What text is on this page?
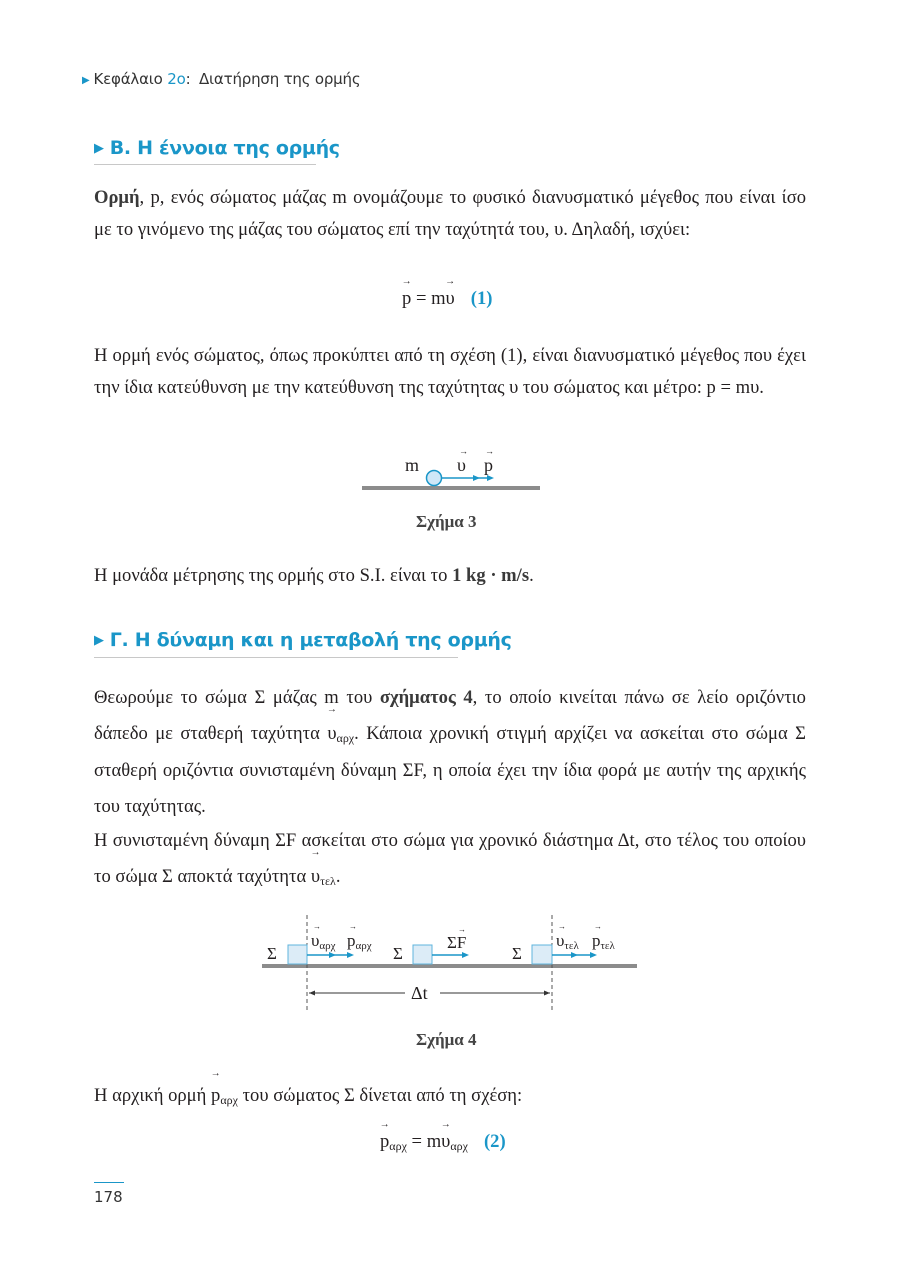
▶ Κεφάλαιο 2ο: Διατήρηση της ορμής
▶ Β. Η έννοια της ορμής

Ορμή, p, ενός σώματος μάζας m ονομάζουμε το φυσικό διανυσματικό μέγεθος που είναι ίσο με το γινόμενο της μάζας του σώματος επί την ταχύτητά του, υ. Δηλαδή, ισχύει:

→ p = m→ υ (1)

Η ορμή ενός σώματος, όπως προκύπτει από τη σχέση (1), είναι διανυσματικό μέγεθος που έχει την ίδια κατεύθυνση με την κατεύθυνση της ταχύτητας υ του σώματος και μέτρο: p = mυ.

m υ
→
p
→
Σχήμα 3

Η μονάδα μέτρησης της ορμής στο S.I. είναι το 1 kg · m/s.

▶ Γ. Η δύναμη και η μεταβολή της ορμής

Θεωρούμε το σώμα Σ μάζας m του σχήματος 4, το οποίο κινείται πάνω σε λείο οριζόντιο δάπεδο με σταθερή $\tau\alpha\chi ύ\tau\eta\tau\alpha \to \upsilon_{\alpha\rho\chi}$. Κάποια χρονική στιγμή αρχίζει να ασκείται στο σώμα Σ σταθερή οριζόντια συνισταμένη δύναμη ΣF, η οποία έχει την ίδια φορά με αυτήν της αρχικής του ταχύτητας.

Η συνισταμένη δύναμη ΣF ασκείται στο σώμα για χρονικό διάστημα Δt, στο τέλος του οποίου το σώμα Σ αποκτά $\tau\alpha\chi ύ\tau\eta\tau\alpha \to \upsilon_{\tau\varepsilon\lambda}$.

Σ
υαρχ
→
pαρχ
→
Σ
ΣF
→
Σ
υτελ
→
pτελ
→
Δt
Σχήμα 4

Η αρχική $o\rho\mu ή \to p_{\alpha\rho\chi}$ του σώματος Σ δίνεται από τη σχέση:

→ $p_{\alpha\rho\chi} = m\to \upsilon_{\alpha\rho\chi}$ (2)
178
